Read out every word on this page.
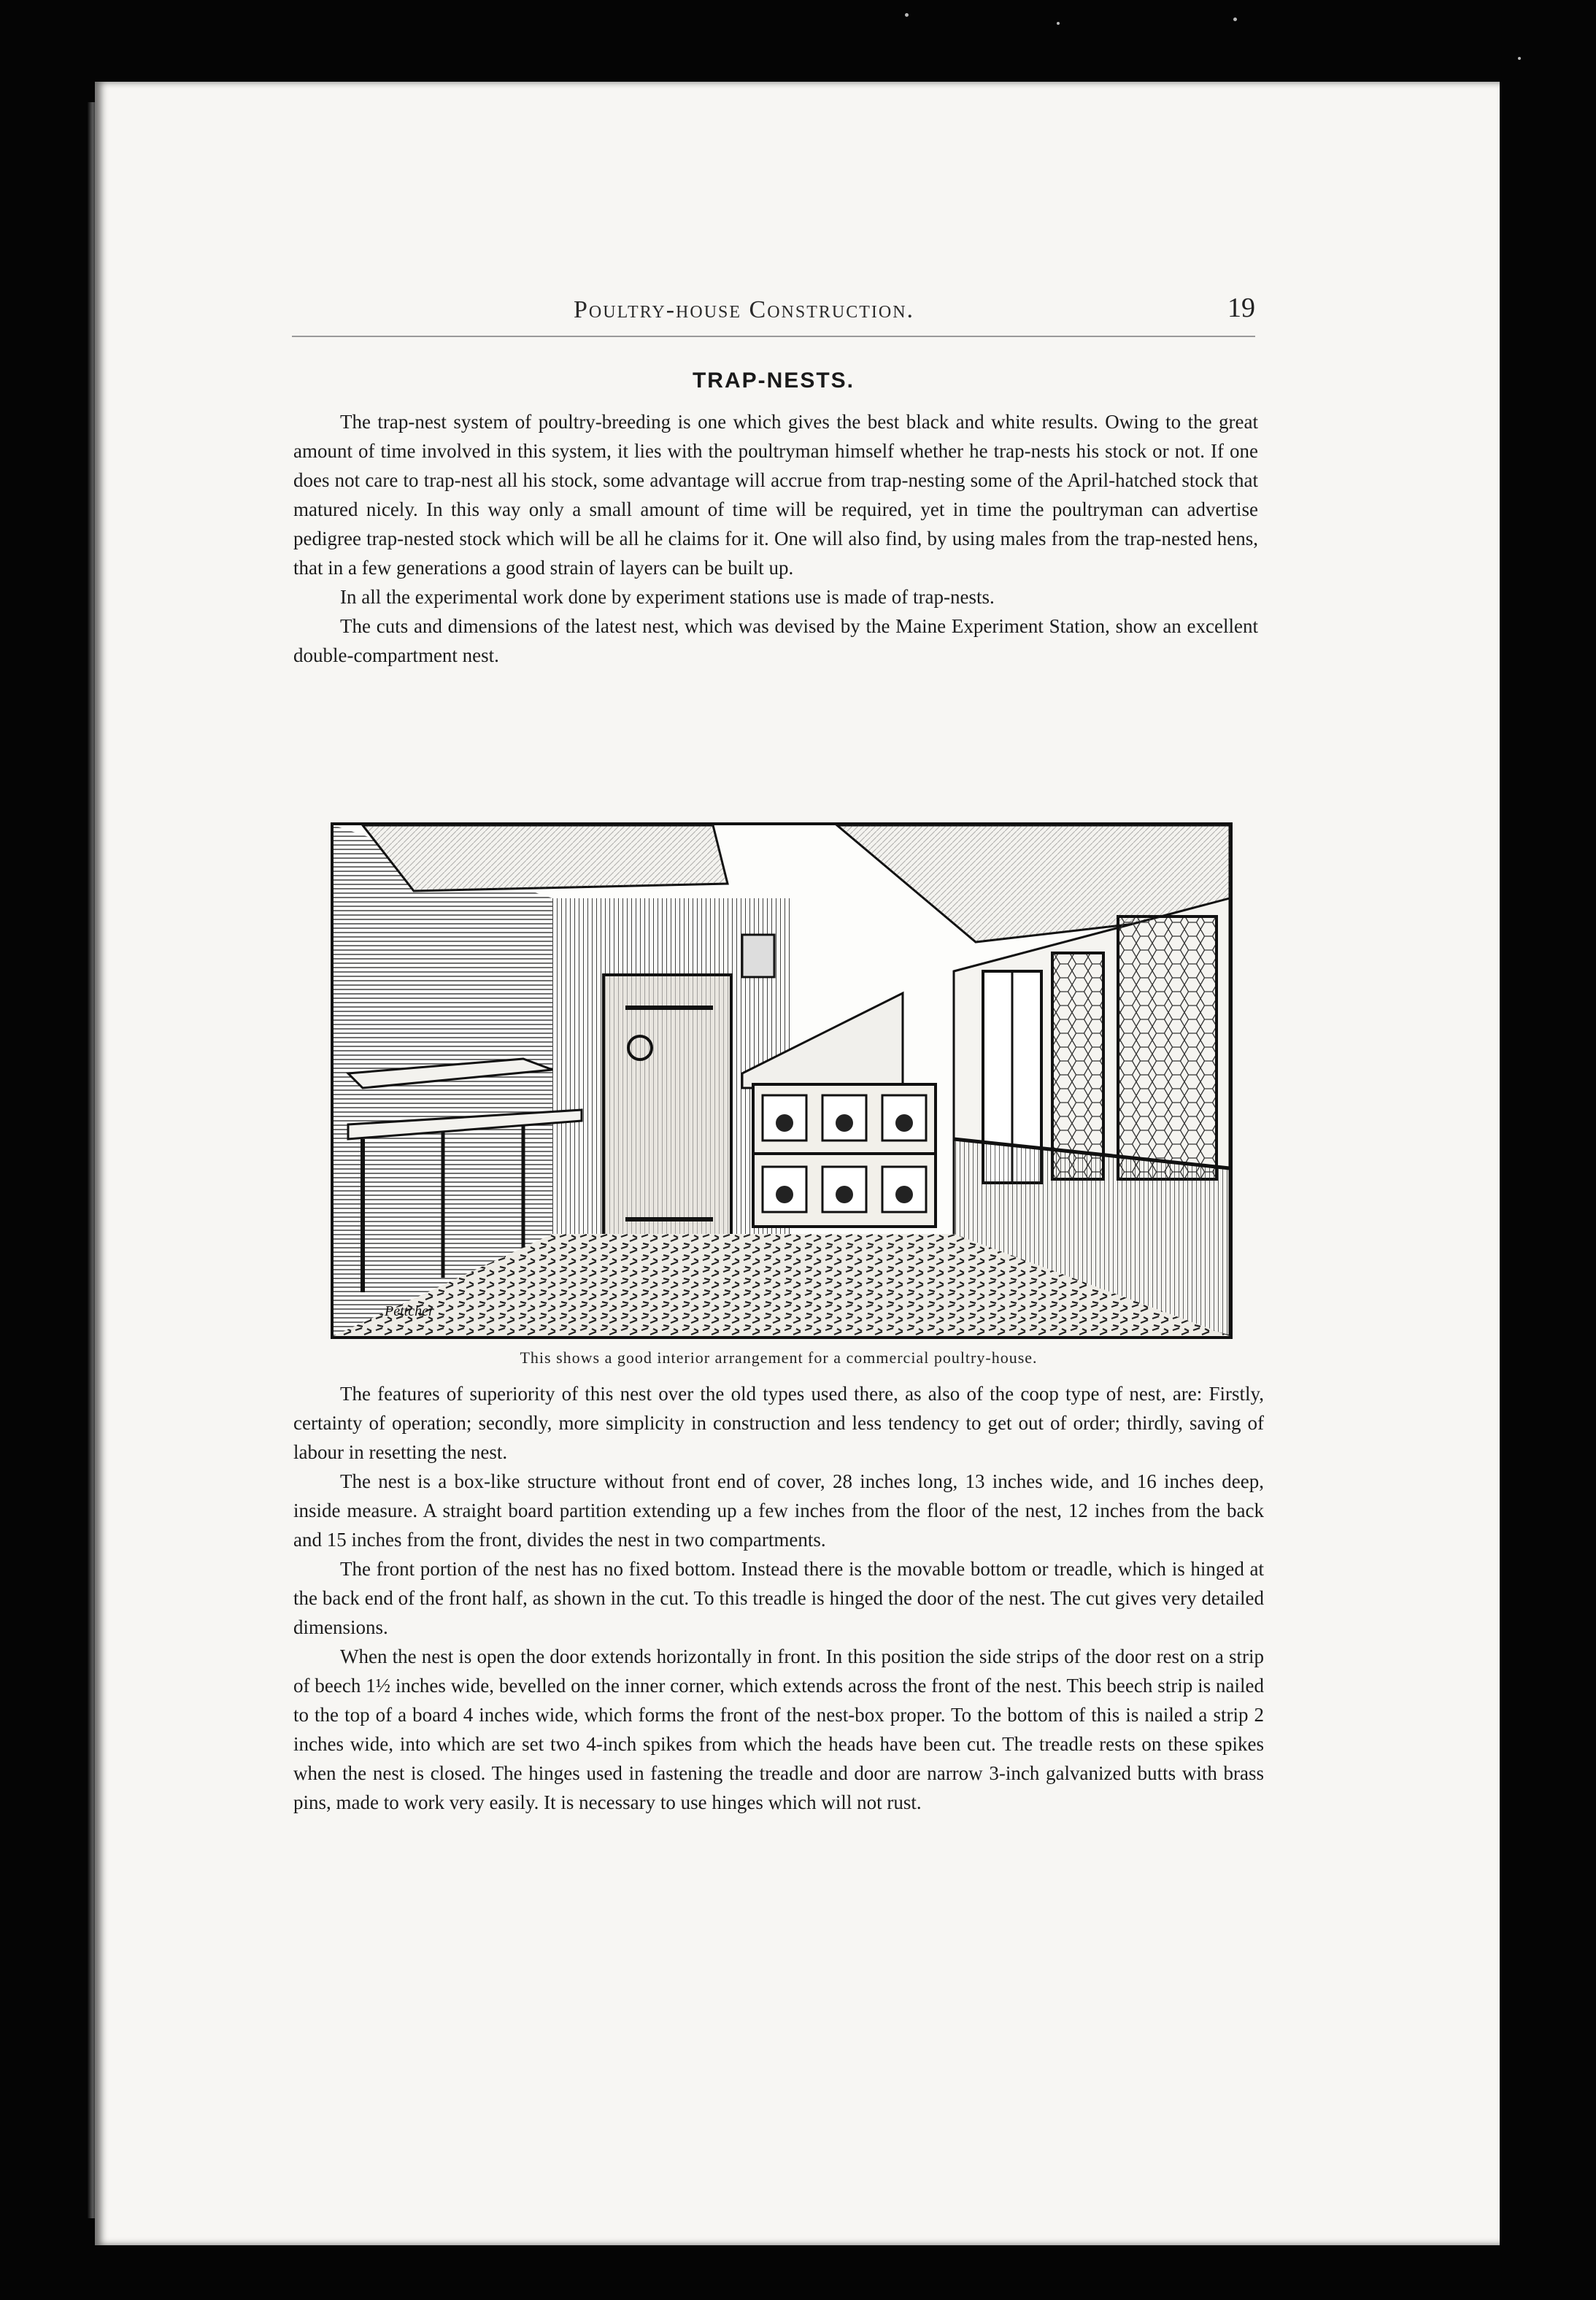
Poultry-house Construction.	19
TRAP-NESTS.

The trap-nest system of poultry-breeding is one which gives the best black and white results. Owing to the great amount of time involved in this system, it lies with the poultryman himself whether he trap-nests his stock or not. If one does not care to trap-nest all his stock, some advantage will accrue from trap-nesting some of the April-hatched stock that matured nicely. In this way only a small amount of time will be required, yet in time the poultryman can advertise pedigree trap-nested stock which will be all he claims for it. One will also find, by using males from the trap-nested hens, that in a few generations a good strain of layers can be built up.

In all the experimental work done by experiment stations use is made of trap-nests.

The cuts and dimensions of the latest nest, which was devised by the Maine Experiment Station, show an excellent double-compartment nest.

Pettcher
This shows a good interior arrangement for a commercial poultry-house.

The features of superiority of this nest over the old types used there, as also of the coop type of nest, are: Firstly, certainty of operation; secondly, more simplicity in construction and less tendency to get out of order; thirdly, saving of labour in resetting the nest.

The nest is a box-like structure without front end of cover, 28 inches long, 13 inches wide, and 16 inches deep, inside measure. A straight board partition extending up a few inches from the floor of the nest, 12 inches from the back and 15 inches from the front, divides the nest in two compartments.

The front portion of the nest has no fixed bottom. Instead there is the movable bottom or treadle, which is hinged at the back end of the front half, as shown in the cut. To this treadle is hinged the door of the nest. The cut gives very detailed dimensions.

When the nest is open the door extends horizontally in front. In this position the side strips of the door rest on a strip of beech 1½ inches wide, bevelled on the inner corner, which extends across the front of the nest. This beech strip is nailed to the top of a board 4 inches wide, which forms the front of the nest-box proper. To the bottom of this is nailed a strip 2 inches wide, into which are set two 4-inch spikes from which the heads have been cut. The treadle rests on these spikes when the nest is closed. The hinges used in fastening the treadle and door are narrow 3-inch galvanized butts with brass pins, made to work very easily. It is necessary to use hinges which will not rust.
